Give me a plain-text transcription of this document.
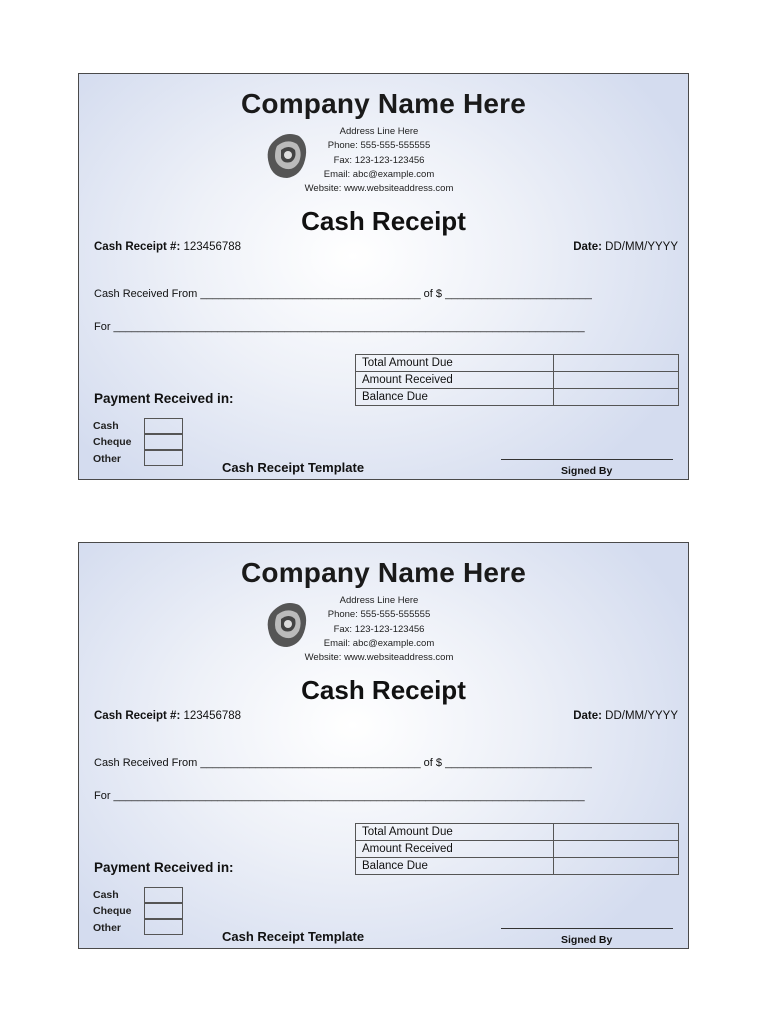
Company Name Here
Address Line Here
Phone: 555-555-555555
Fax: 123-123-123456
Email: abc@example.com
Website: www.websiteaddress.com
Cash Receipt
Cash Receipt #: 123456788	Date: DD/MM/YYYY
Cash Received From ____________________________________ of $ ________________________
For _____________________________________________________________________________
Total Amount Due	
Amount Received	
Balance Due	
Payment Received in:
Cash
Cheque
Other
Cash Receipt Template	Signed By
Company Name Here
Address Line Here
Phone: 555-555-555555
Fax: 123-123-123456
Email: abc@example.com
Website: www.websiteaddress.com
Cash Receipt
Cash Receipt #: 123456788	Date: DD/MM/YYYY
Cash Received From ____________________________________ of $ ________________________
For _____________________________________________________________________________
Total Amount Due	
Amount Received	
Balance Due	
Payment Received in:
Cash
Cheque
Other
Cash Receipt Template	Signed By
